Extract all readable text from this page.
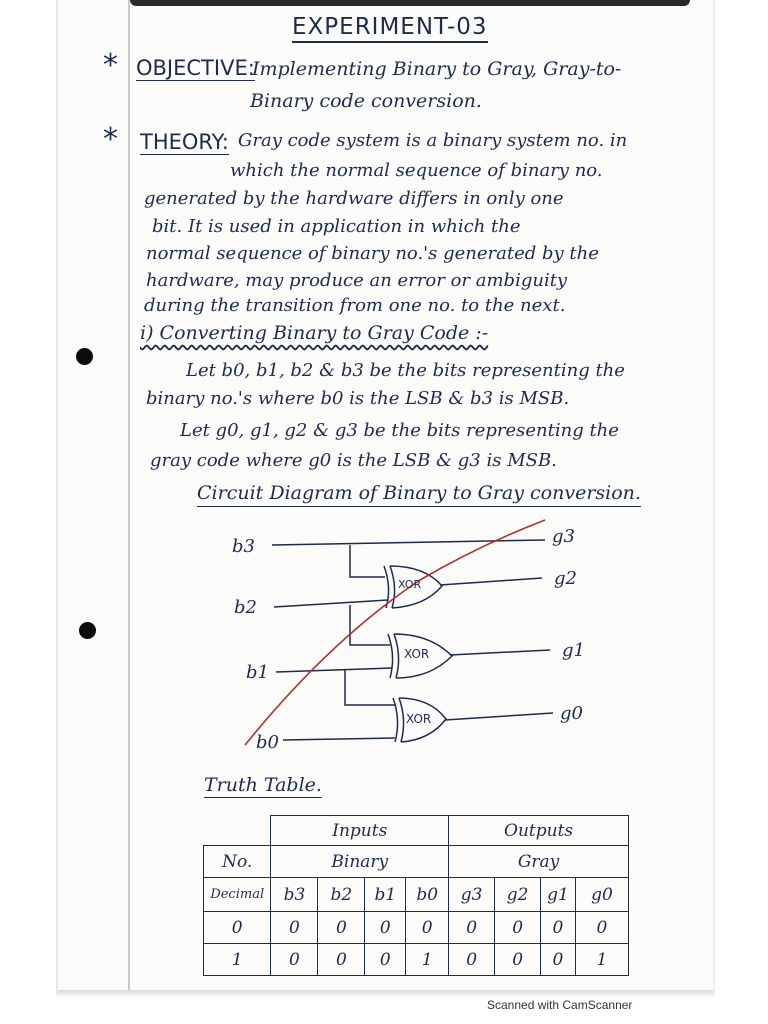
EXPERIMENT-03
* OBJECTIVE:
Implementing Binary to Gray, Gray-to-
Binary code conversion.
* THEORY: Gray code system is a binary system no. in
which the normal sequence of binary no.
generated by the hardware differs in only one
bit. It is used in application in which the
normal sequence of binary no.'s generated by the
hardware, may produce an error or ambiguity
during the transition from one no. to the next.
i) Converting Binary to Gray Code :-
Let b0, b1, b2 & b3 be the bits representing the
binary no.'s where b0 is the LSB & b3 is MSB.
Let g0, g1, g2 & g3 be the bits representing the
gray code where g0 is the LSB & g3 is MSB.
Circuit Diagram of Binary to Gray conversion.
XOR
XOR
XOR
b3
b2
b1
b0
g3
g2
g1
g0
Truth Table.
	Inputs				Outputs			
No.	Binary				Gray			
Decimal	b3	b2	b1	b0	g3	g2	g1	g0
0	0	0	0	0	0	0	0	0
1	0	0	0	1	0	0	0	1
Scanned with CamScanner
